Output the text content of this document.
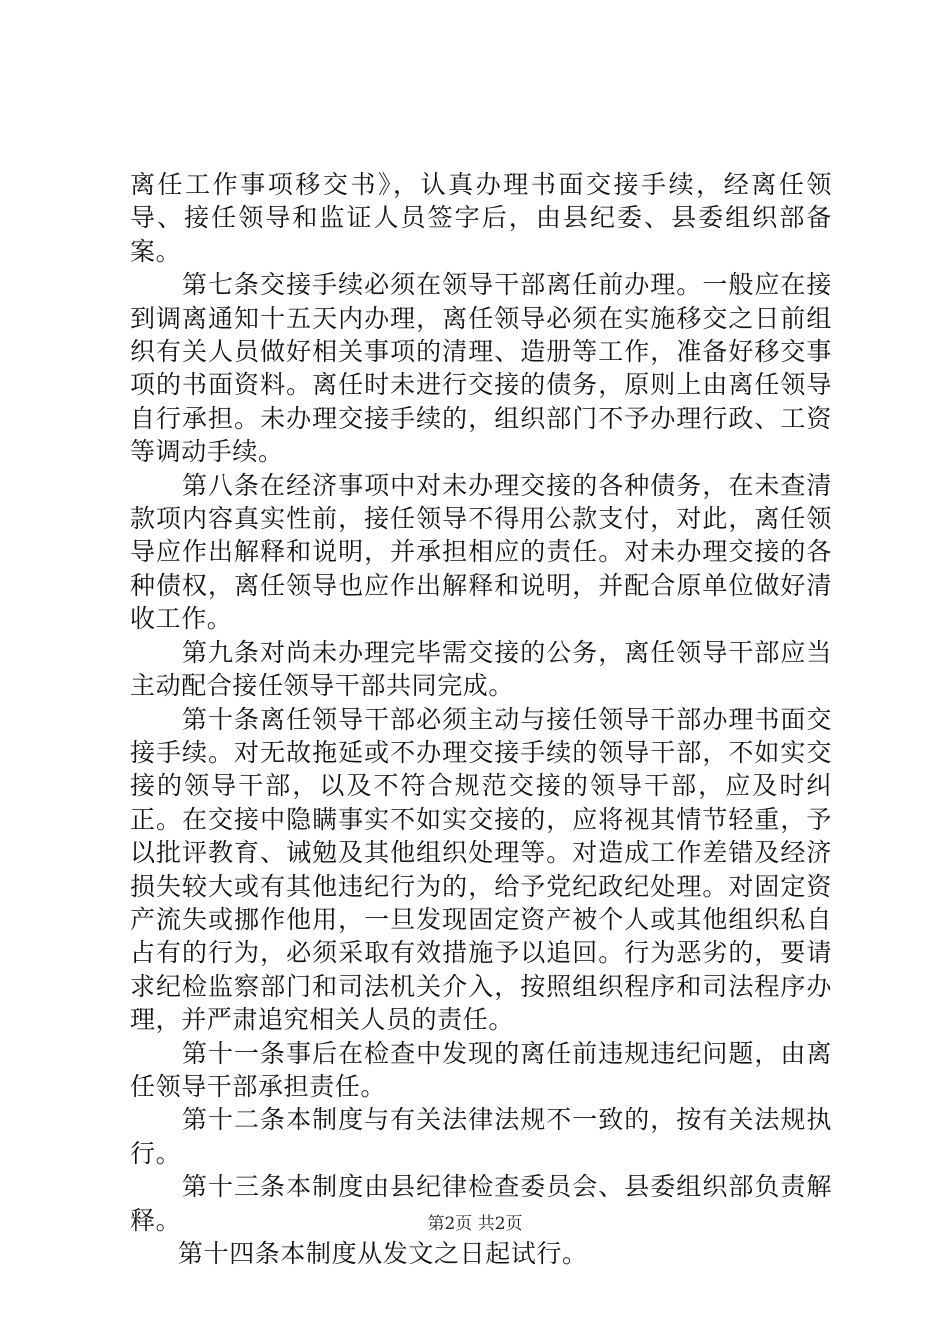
离任工作事项移交书》，认真办理书面交接手续，经离任领导、接任领导和监证人员签字后，由县纪委、县委组织部备案。

第七条交接手续必须在领导干部离任前办理。一般应在接到调离通知十五天内办理，离任领导必须在实施移交之日前组织有关人员做好相关事项的清理、造册等工作，准备好移交事项的书面资料。离任时未进行交接的债务，原则上由离任领导自行承担。未办理交接手续的，组织部门不予办理行政、工资等调动手续。

第八条在经济事项中对未办理交接的各种债务，在未查清款项内容真实性前，接任领导不得用公款支付，对此，离任领导应作出解释和说明，并承担相应的责任。对未办理交接的各种债权，离任领导也应作出解释和说明，并配合原单位做好清收工作。

第九条对尚未办理完毕需交接的公务，离任领导干部应当主动配合接任领导干部共同完成。

第十条离任领导干部必须主动与接任领导干部办理书面交接手续。对无故拖延或不办理交接手续的领导干部，不如实交接的领导干部，以及不符合规范交接的领导干部，应及时纠正。在交接中隐瞒事实不如实交接的，应将视其情节轻重，予以批评教育、诫勉及其他组织处理等。对造成工作差错及经济损失较大或有其他违纪行为的，给予党纪政纪处理。对固定资产流失或挪作他用，一旦发现固定资产被个人或其他组织私自占有的行为，必须采取有效措施予以追回。行为恶劣的，要请求纪检监察部门和司法机关介入，按照组织程序和司法程序办理，并严肃追究相关人员的责任。

第十一条事后在检查中发现的离任前违规违纪问题，由离任领导干部承担责任。

第十二条本制度与有关法律法规不一致的，按有关法规执行。

第十三条本制度由县纪律检查委员会、县委组织部负责解释。

第十四条本制度从发文之日起试行。

第2页 共2页
